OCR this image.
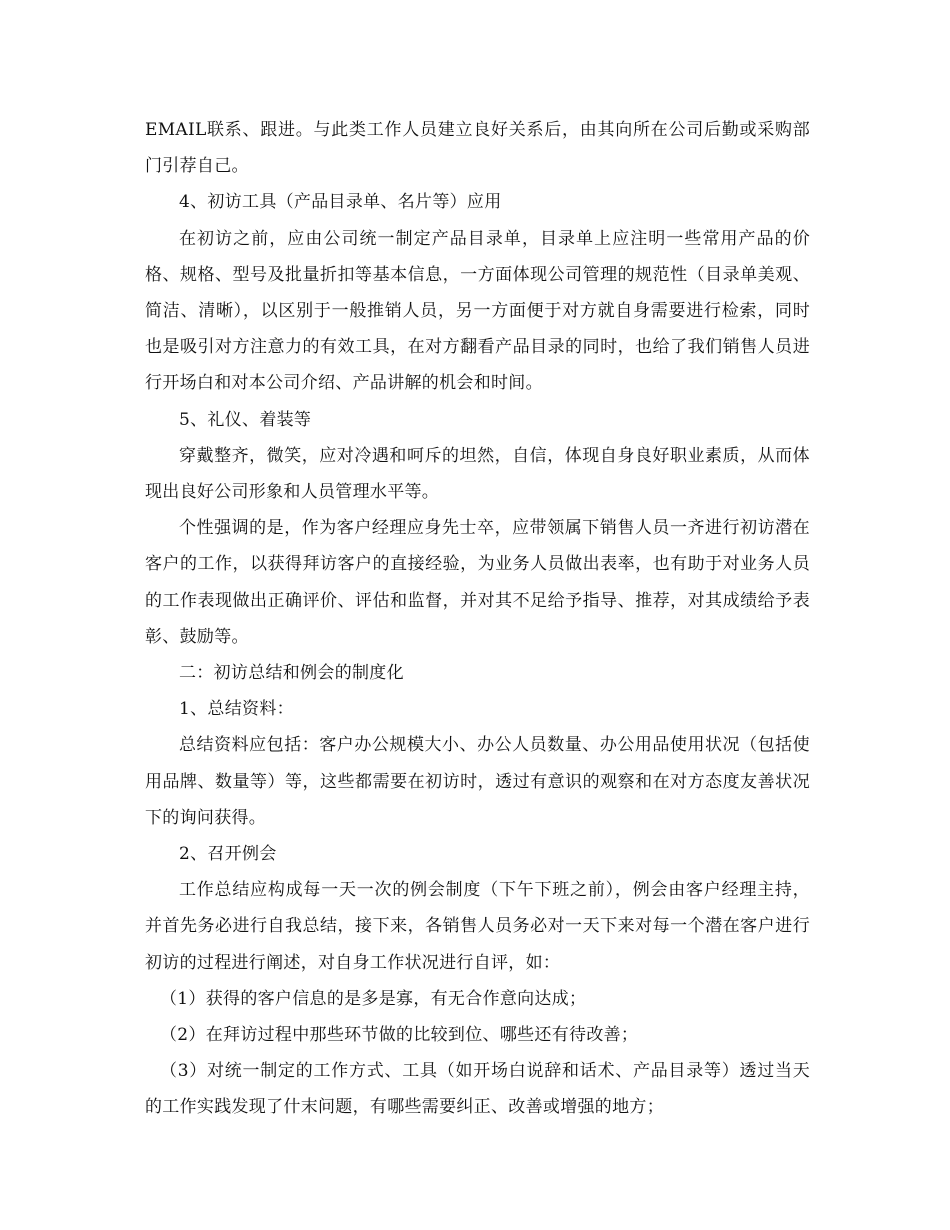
EMAIL联系、跟进。与此类工作人员建立良好关系后，由其向所在公司后勤或采购部门引荐自己。

4、初访工具（产品目录单、名片等）应用

在初访之前，应由公司统一制定产品目录单，目录单上应注明一些常用产品的价格、规格、型号及批量折扣等基本信息，一方面体现公司管理的规范性（目录单美观、简洁、清晰），以区别于一般推销人员，另一方面便于对方就自身需要进行检索，同时也是吸引对方注意力的有效工具，在对方翻看产品目录的同时，也给了我们销售人员进行开场白和对本公司介绍、产品讲解的机会和时间。

5、礼仪、着装等

穿戴整齐，微笑，应对冷遇和呵斥的坦然，自信，体现自身良好职业素质，从而体现出良好公司形象和人员管理水平等。

个性强调的是，作为客户经理应身先士卒，应带领属下销售人员一齐进行初访潜在客户的工作，以获得拜访客户的直接经验，为业务人员做出表率，也有助于对业务人员的工作表现做出正确评价、评估和监督，并对其不足给予指导、推荐，对其成绩给予表彰、鼓励等。

二：初访总结和例会的制度化

1、总结资料：

总结资料应包括：客户办公规模大小、办公人员数量、办公用品使用状况（包括使用品牌、数量等）等，这些都需要在初访时，透过有意识的观察和在对方态度友善状况下的询问获得。

2、召开例会

工作总结应构成每一天一次的例会制度（下午下班之前），例会由客户经理主持，并首先务必进行自我总结，接下来，各销售人员务必对一天下来对每一个潜在客户进行初访的过程进行阐述，对自身工作状况进行自评，如：

（1）获得的客户信息的是多是寡，有无合作意向达成；

（2）在拜访过程中那些环节做的比较到位、哪些还有待改善；

（3）对统一制定的工作方式、工具（如开场白说辞和话术、产品目录等）透过当天的工作实践发现了什末问题，有哪些需要纠正、改善或增强的地方；
